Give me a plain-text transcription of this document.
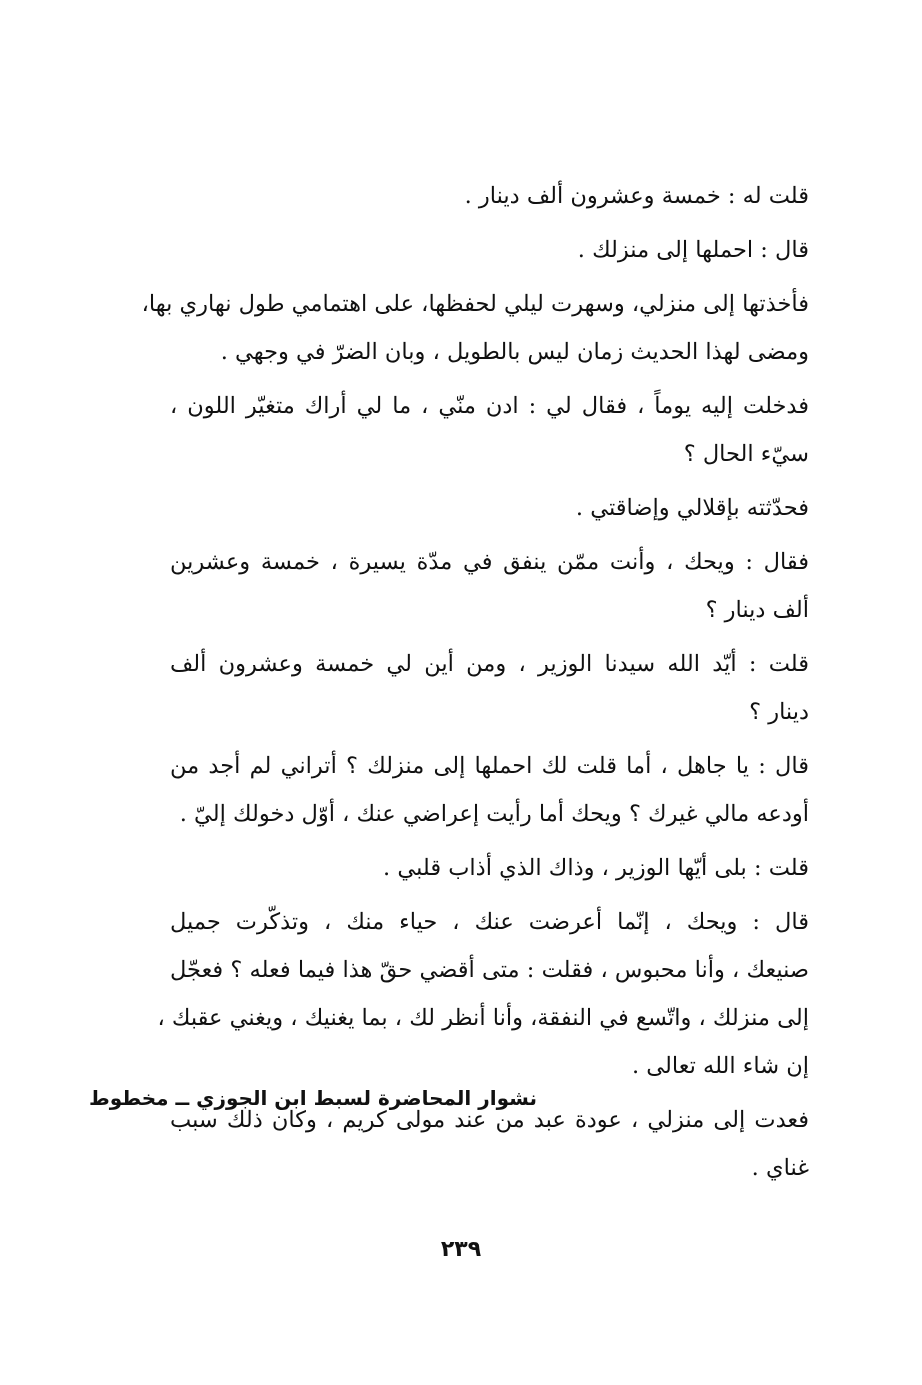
قلت له : خمسة وعشرون ألف دينار .

قال : احملها إلى منزلك .

فأخذتها إلى منزلي، وسهرت ليلي لحفظها، على اهتمامي طول نهاري بها،
ومضى لهذا الحديث زمان ليس بالطويل ، وبان الضرّ في وجهي .

فدخلت إليه يوماً ، فقال لي : ادن منّي ، ما لي أراك متغيّر اللون ،
سيّء الحال ؟

فحدّثته بإقلالي وإضاقتي .

فقال : ويحك ، وأنت ممّن ينفق في مدّة يسيرة ، خمسة وعشرين
ألف دينار ؟

قلت : أيّد الله سيدنا الوزير ، ومن أين لي خمسة وعشرون ألف
دينار ؟

قال : يا جاهل ، أما قلت لك احملها إلى منزلك ؟ أتراني لم أجد من
أودعه مالي غيرك ؟ ويحك أما رأيت إعراضي عنك ، أوّل دخولك إليّ .

قلت : بلى أيّها الوزير ، وذاك الذي أذاب قلبي .

قال : ويحك ، إنّما أعرضت عنك ، حياء منك ، وتذكّرت جميل
صنيعك ، وأنا محبوس ، فقلت : متى أقضي حقّ هذا فيما فعله ؟ فعجّل
إلى منزلك ، واتّسع في النفقة، وأنا أنظر لك ، بما يغنيك ، ويغني عقبك ،
إن شاء الله تعالى .

فعدت إلى منزلي ، عودة عبد من عند مولى كريم ، وكان ذلك سبب
غناي .

نشوار المحاضرة لسبط ابن الجوزي ــ مخطوط
٢٣٩
